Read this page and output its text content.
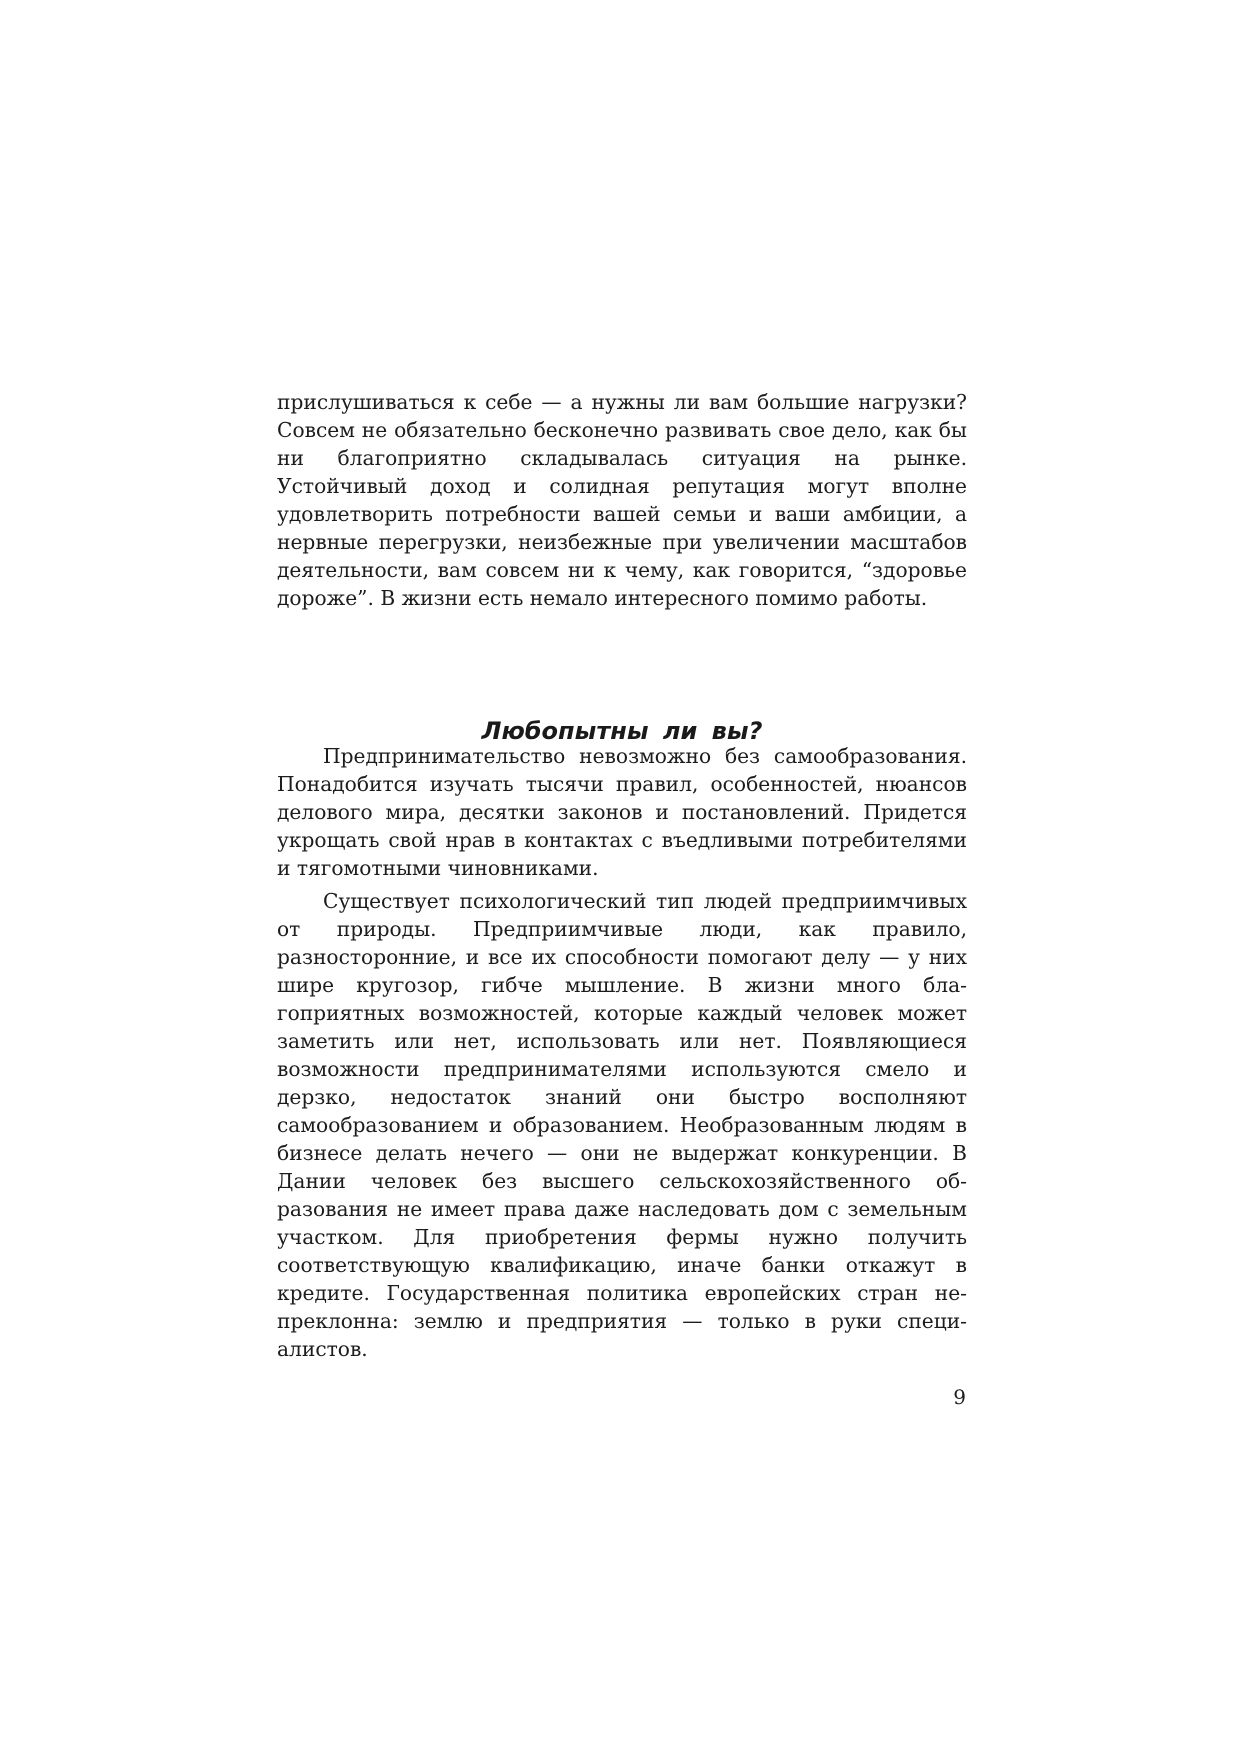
прислушиваться к себе — а нужны ли вам большие нагрузки? Совсем не обязательно бесконечно развивать свое дело, как бы ни благоприятно складывалась ситуация на рынке. Устойчивый доход и солидная репутация могут вполне удовлетворить потребности вашей семьи и ваши амбиции, а нервные перегрузки, неизбежные при увеличении масштабов деятельности, вам совсем ни к чему, как говорится, “здоровье дороже”. В жизни есть немало интересного помимо работы.

Любопытны ли вы?

Предпринимательство невозможно без самообразования. Понадобится изучать тысячи правил, особенностей, нюансов делового мира, десятки законов и постановлений. Придется укрощать свой нрав в контактах с въедливыми потребителями и тягомотными чиновниками.

Существует психологический тип людей предприимчивых от природы. Предприимчивые люди, как правило, разносторонние, и все их способности помогают делу — у них шире кругозор, гибче мышление. В жизни много благоприятных возможностей, которые каждый человек может заметить или нет, использовать или нет. Появляющиеся возможности предпринимателями используются смело и дерзко, недостаток знаний они быстро восполняют самообразованием и образованием. Необразованным людям в бизнесе делать нечего — они не выдержат конкуренции. В Дании человек без высшего сельскохозяйственного образования не имеет права даже наследовать дом с земельным участком. Для приобретения фермы нужно получить соответствующую квалификацию, иначе банки откажут в кредите. Государственная политика европейских стран непреклонна: землю и предприятия — только в руки специалистов.

9
